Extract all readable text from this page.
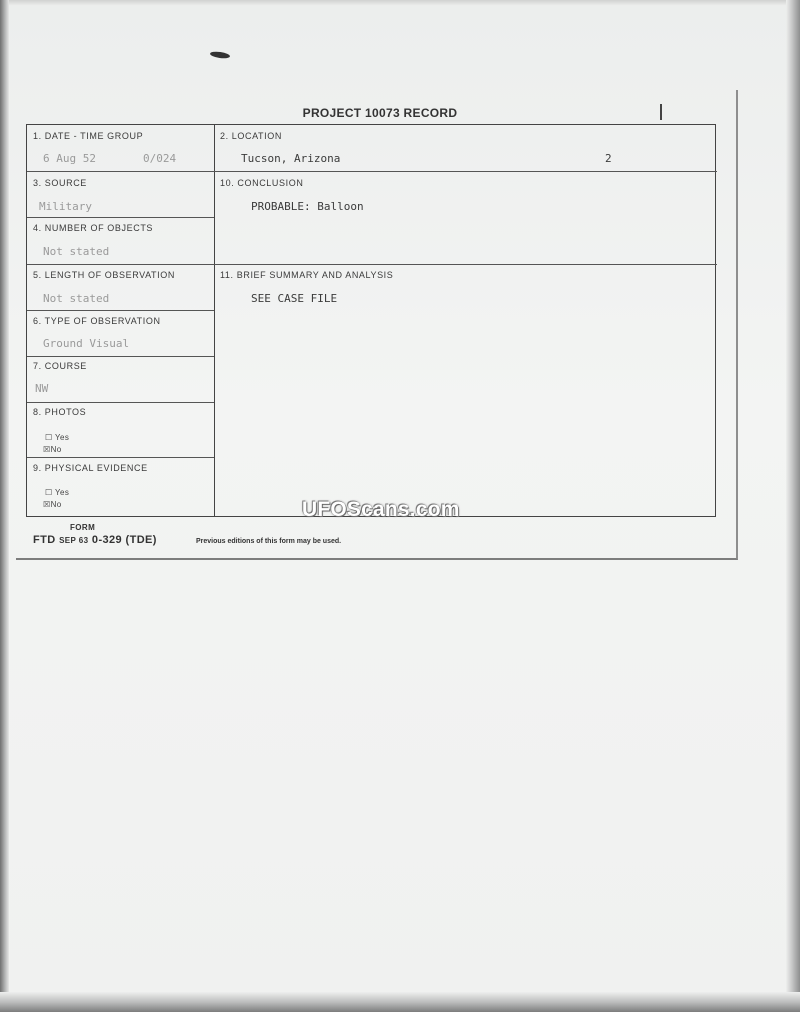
PROJECT 10073 RECORD
1. DATE - TIME GROUP
6 Aug 52	0/024
2. LOCATION
Tucson, Arizona	2
3. SOURCE
Military
4. NUMBER OF OBJECTS
Not stated
10. CONCLUSION
PROBABLE: Balloon
5. LENGTH OF OBSERVATION
Not stated
11. BRIEF SUMMARY AND ANALYSIS
SEE CASE FILE
6. TYPE OF OBSERVATION
Ground Visual
7. COURSE
NW
8. PHOTOS
☐ Yes
☒No
9. PHYSICAL EVIDENCE
☐ Yes
☒No
FORM
FTD SEP 63 0-329 (TDE)	Previous editions of this form may be used.
UFOScans.com
